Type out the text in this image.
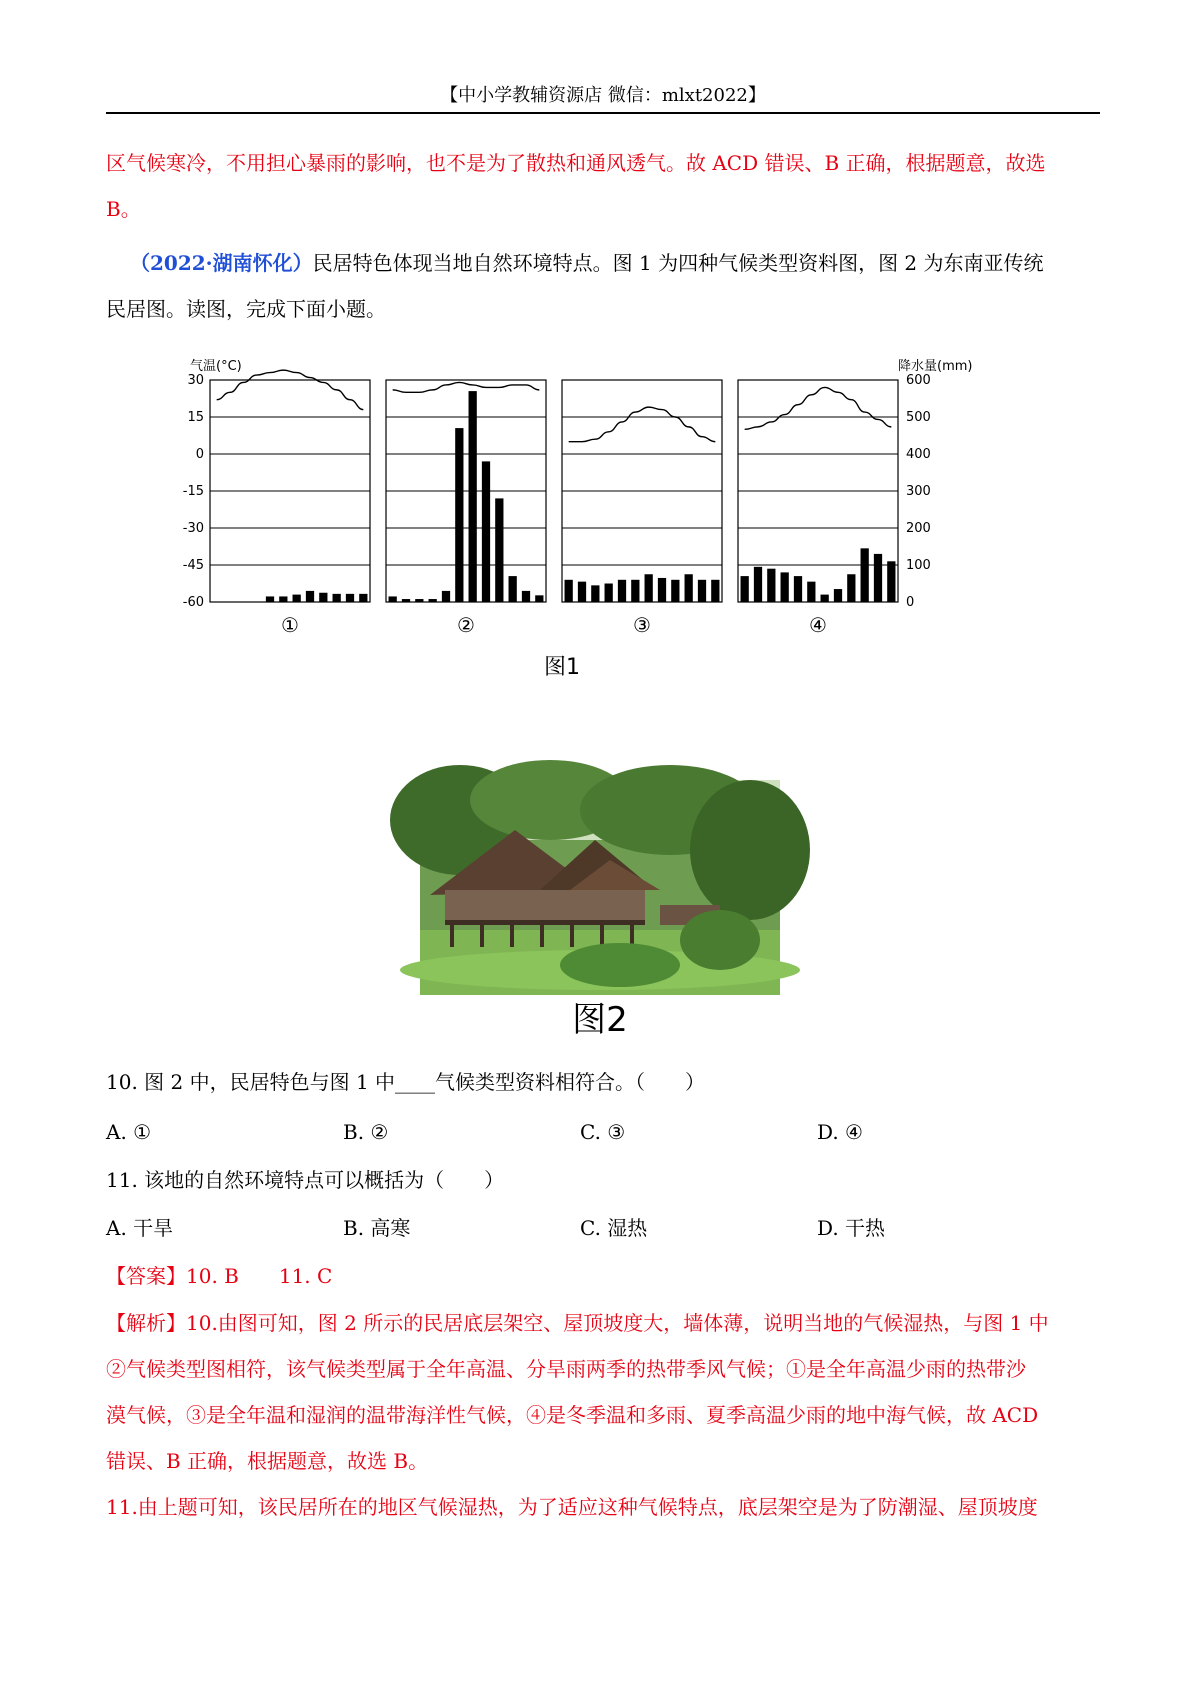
【中小学教辅资源店 微信：mlxt2022】
区气候寒冷，不用担心暴雨的影响，也不是为了散热和通风透气。故 ACD 错误、B 正确，根据题意，故选
B。
（2022·湖南怀化）民居特色体现当地自然环境特点。图 1 为四种气候类型资料图，图 2 为东南亚传统
民居图。读图，完成下面小题。
气温(°C)	降水量(mm)
30
15
0
-15
-30
-45
-60
600
500
400
300
200
100
0
①	②	③	④
图1
图2
10. 图 2 中，民居特色与图 1 中____气候类型资料相符合。（　　）
A. ①	B. ②	C. ③	D. ④
11. 该地的自然环境特点可以概括为（　　）
A. 干旱	B. 高寒	C. 湿热	D. 干热
【答案】10. B　　11. C
【解析】10.由图可知，图 2 所示的民居底层架空、屋顶坡度大，墙体薄，说明当地的气候湿热，与图 1 中
②气候类型图相符，该气候类型属于全年高温、分旱雨两季的热带季风气候；①是全年高温少雨的热带沙
漠气候，③是全年温和湿润的温带海洋性气候，④是冬季温和多雨、夏季高温少雨的地中海气候，故 ACD
错误、B 正确，根据题意，故选 B。
11.由上题可知，该民居所在的地区气候湿热，为了适应这种气候特点，底层架空是为了防潮湿、屋顶坡度
